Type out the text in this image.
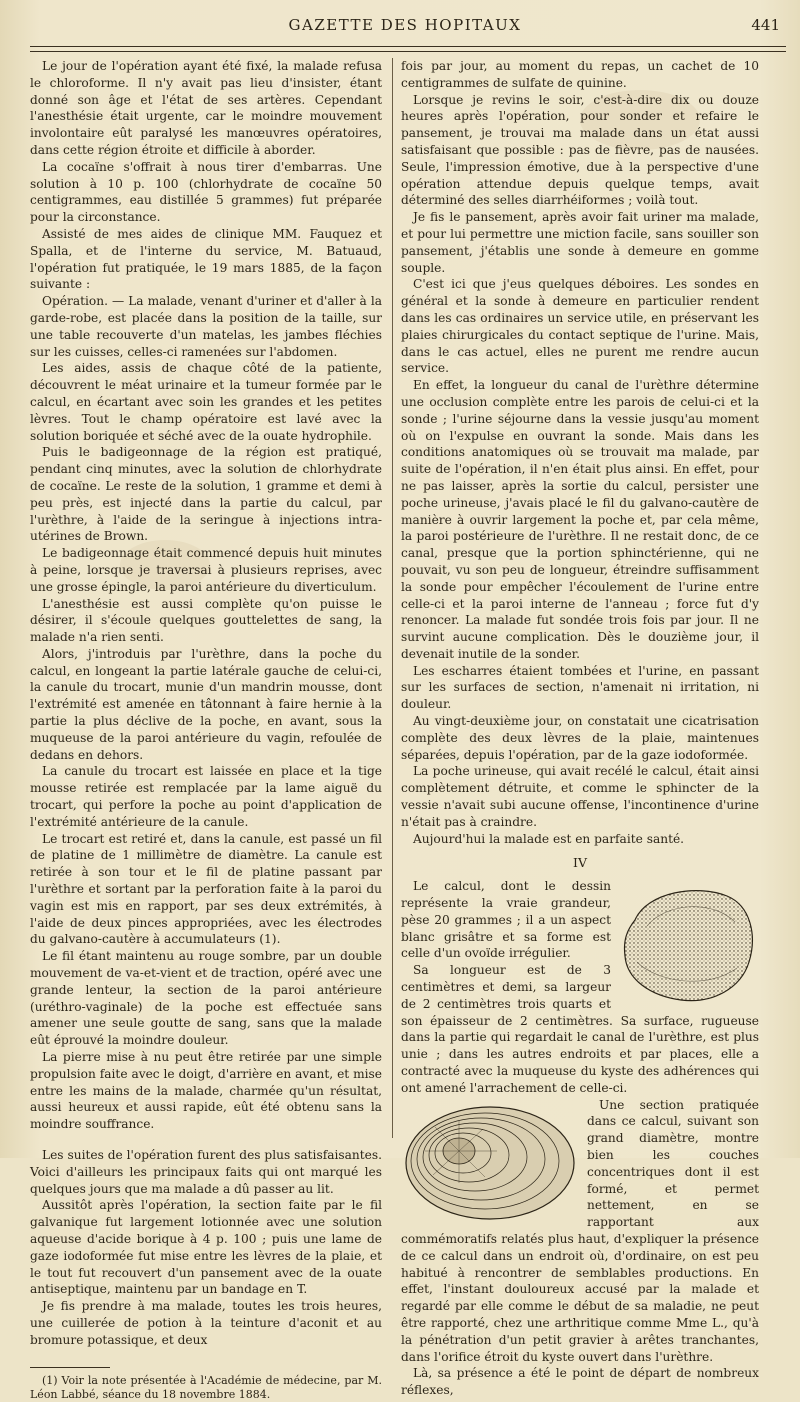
GAZETTE DES HOPITAUX	441

Le jour de l'opération ayant été fixé, la malade refusa le chloroforme. Il n'y avait pas lieu d'insister, étant donné son âge et l'état de ses artères. Cependant l'anesthésie était urgente, car le moindre mouvement involontaire eût paralysé les manœuvres opératoires, dans cette région étroite et difficile à aborder.

La cocaïne s'offrait à nous tirer d'embarras. Une solution à 10 p. 100 (chlorhydrate de cocaïne 50 centigrammes, eau distillée 5 grammes) fut préparée pour la circonstance.

Assisté de mes aides de clinique MM. Fauquez et Spalla, et de l'interne du service, M. Batuaud, l'opération fut pratiquée, le 19 mars 1885, de la façon suivante :

Opération. — La malade, venant d'uriner et d'aller à la garde-robe, est placée dans la position de la taille, sur une table recouverte d'un matelas, les jambes fléchies sur les cuisses, celles-ci ramenées sur l'abdomen.

Les aides, assis de chaque côté de la patiente, découvrent le méat urinaire et la tumeur formée par le calcul, en écartant avec soin les grandes et les petites lèvres. Tout le champ opératoire est lavé avec la solution boriquée et séché avec de la ouate hydrophile.

Puis le badigeonnage de la région est pratiqué, pendant cinq minutes, avec la solution de chlorhydrate de cocaïne. Le reste de la solution, 1 gramme et demi à peu près, est injecté dans la partie du calcul, par l'urèthre, à l'aide de la seringue à injections intra-utérines de Brown.

Le badigeonnage était commencé depuis huit minutes à peine, lorsque je traversai à plusieurs reprises, avec une grosse épingle, la paroi antérieure du diverticulum.

L'anesthésie est aussi complète qu'on puisse le désirer, il s'écoule quelques gouttelettes de sang, la malade n'a rien senti.

Alors, j'introduis par l'urèthre, dans la poche du calcul, en longeant la partie latérale gauche de celui-ci, la canule du trocart, munie d'un mandrin mousse, dont l'extrémité est amenée en tâtonnant à faire hernie à la partie la plus déclive de la poche, en avant, sous la muqueuse de la paroi antérieure du vagin, refoulée de dedans en dehors.

La canule du trocart est laissée en place et la tige mousse retirée est remplacée par la lame aiguë du trocart, qui perfore la poche au point d'application de l'extrémité antérieure de la canule.

Le trocart est retiré et, dans la canule, est passé un fil de platine de 1 millimètre de diamètre. La canule est retirée à son tour et le fil de platine passant par l'urèthre et sortant par la perforation faite à la paroi du vagin est mis en rapport, par ses deux extrémités, à l'aide de deux pinces appropriées, avec les électrodes du galvano-cautère à accumulateurs (1).

Le fil étant maintenu au rouge sombre, par un double mouvement de va-et-vient et de traction, opéré avec une grande lenteur, la section de la paroi antérieure (uréthro-vaginale) de la poche est effectuée sans amener une seule goutte de sang, sans que la malade eût éprouvé la moindre douleur.

La pierre mise à nu peut être retirée par une simple propulsion faite avec le doigt, d'arrière en avant, et mise entre les mains de la malade, charmée qu'un résultat, aussi heureux et aussi rapide, eût été obtenu sans la moindre souffrance.

Les suites de l'opération furent des plus satisfaisantes. Voici d'ailleurs les principaux faits qui ont marqué les quelques jours que ma malade a dû passer au lit.

Aussitôt après l'opération, la section faite par le fil galvanique fut largement lotionnée avec une solution aqueuse d'acide borique à 4 p. 100 ; puis une lame de gaze iodoformée fut mise entre les lèvres de la plaie, et le tout fut recouvert d'un pansement avec de la ouate antiseptique, maintenu par un bandage en T.

Je fis prendre à ma malade, toutes les trois heures, une cuillerée de potion à la teinture d'aconit et au bromure potassique, et deux

(1) Voir la note présentée à l'Académie de médecine, par M. Léon Labbé, séance du 18 novembre 1884.

fois par jour, au moment du repas, un cachet de 10 centigrammes de sulfate de quinine.

Lorsque je revins le soir, c'est-à-dire dix ou douze heures après l'opération, pour sonder et refaire le pansement, je trouvai ma malade dans un état aussi satisfaisant que possible : pas de fièvre, pas de nausées. Seule, l'impression émotive, due à la perspective d'une opération attendue depuis quelque temps, avait déterminé des selles diarrhéiformes ; voilà tout.

Je fis le pansement, après avoir fait uriner ma malade, et pour lui permettre une miction facile, sans souiller son pansement, j'établis une sonde à demeure en gomme souple.

C'est ici que j'eus quelques déboires. Les sondes en général et la sonde à demeure en particulier rendent dans les cas ordinaires un service utile, en préservant les plaies chirurgicales du contact septique de l'urine. Mais, dans le cas actuel, elles ne purent me rendre aucun service.

En effet, la longueur du canal de l'urèthre détermine une occlusion complète entre les parois de celui-ci et la sonde ; l'urine séjourne dans la vessie jusqu'au moment où on l'expulse en ouvrant la sonde. Mais dans les conditions anatomiques où se trouvait ma malade, par suite de l'opération, il n'en était plus ainsi. En effet, pour ne pas laisser, après la sortie du calcul, persister une poche urineuse, j'avais placé le fil du galvano-cautère de manière à ouvrir largement la poche et, par cela même, la paroi postérieure de l'urèthre. Il ne restait donc, de ce canal, presque que la portion sphinctérienne, qui ne pouvait, vu son peu de longueur, étreindre suffisamment la sonde pour empêcher l'écoulement de l'urine entre celle-ci et la paroi interne de l'anneau ; force fut d'y renoncer. La malade fut sondée trois fois par jour. Il ne survint aucune complication. Dès le douzième jour, il devenait inutile de la sonder.

Les escharres étaient tombées et l'urine, en passant sur les surfaces de section, n'amenait ni irritation, ni douleur.

Au vingt-deuxième jour, on constatait une cicatrisation complète des deux lèvres de la plaie, maintenues séparées, depuis l'opération, par de la gaze iodoformée.

La poche urineuse, qui avait recélé le calcul, était ainsi complètement détruite, et comme le sphincter de la vessie n'avait subi aucune offense, l'incontinence d'urine n'était pas à craindre.

Aujourd'hui la malade est en parfaite santé.

IV

Le calcul, dont le dessin représente la vraie grandeur, pèse 20 grammes ; il a un aspect blanc grisâtre et sa forme est celle d'un ovoïde irrégulier.

Sa longueur est de 3 centimètres et demi, sa largeur de 2 centimètres trois quarts et son épaisseur de 2 centimètres. Sa surface, rugueuse dans la partie qui regardait le canal de l'urèthre, est plus unie ; dans les autres endroits et par places, elle a contracté avec la muqueuse du kyste des adhérences qui ont amené l'arrachement de celle-ci.

Une section pratiquée dans ce calcul, suivant son grand diamètre, montre bien les couches concentriques dont il est formé, et permet nettement, en se rapportant aux commémoratifs relatés plus haut, d'expliquer la présence de ce calcul dans un endroit où, d'ordinaire, on est peu habitué à rencontrer de semblables productions. En effet, l'instant douloureux accusé par la malade et regardé par elle comme le début de sa maladie, ne peut être rapporté, chez une arthritique comme Mme L., qu'à la pénétration d'un petit gravier à arêtes tranchantes, dans l'orifice étroit du kyste ouvert dans l'urèthre.

Là, sa présence a été le point de départ de nombreux réflexes,
